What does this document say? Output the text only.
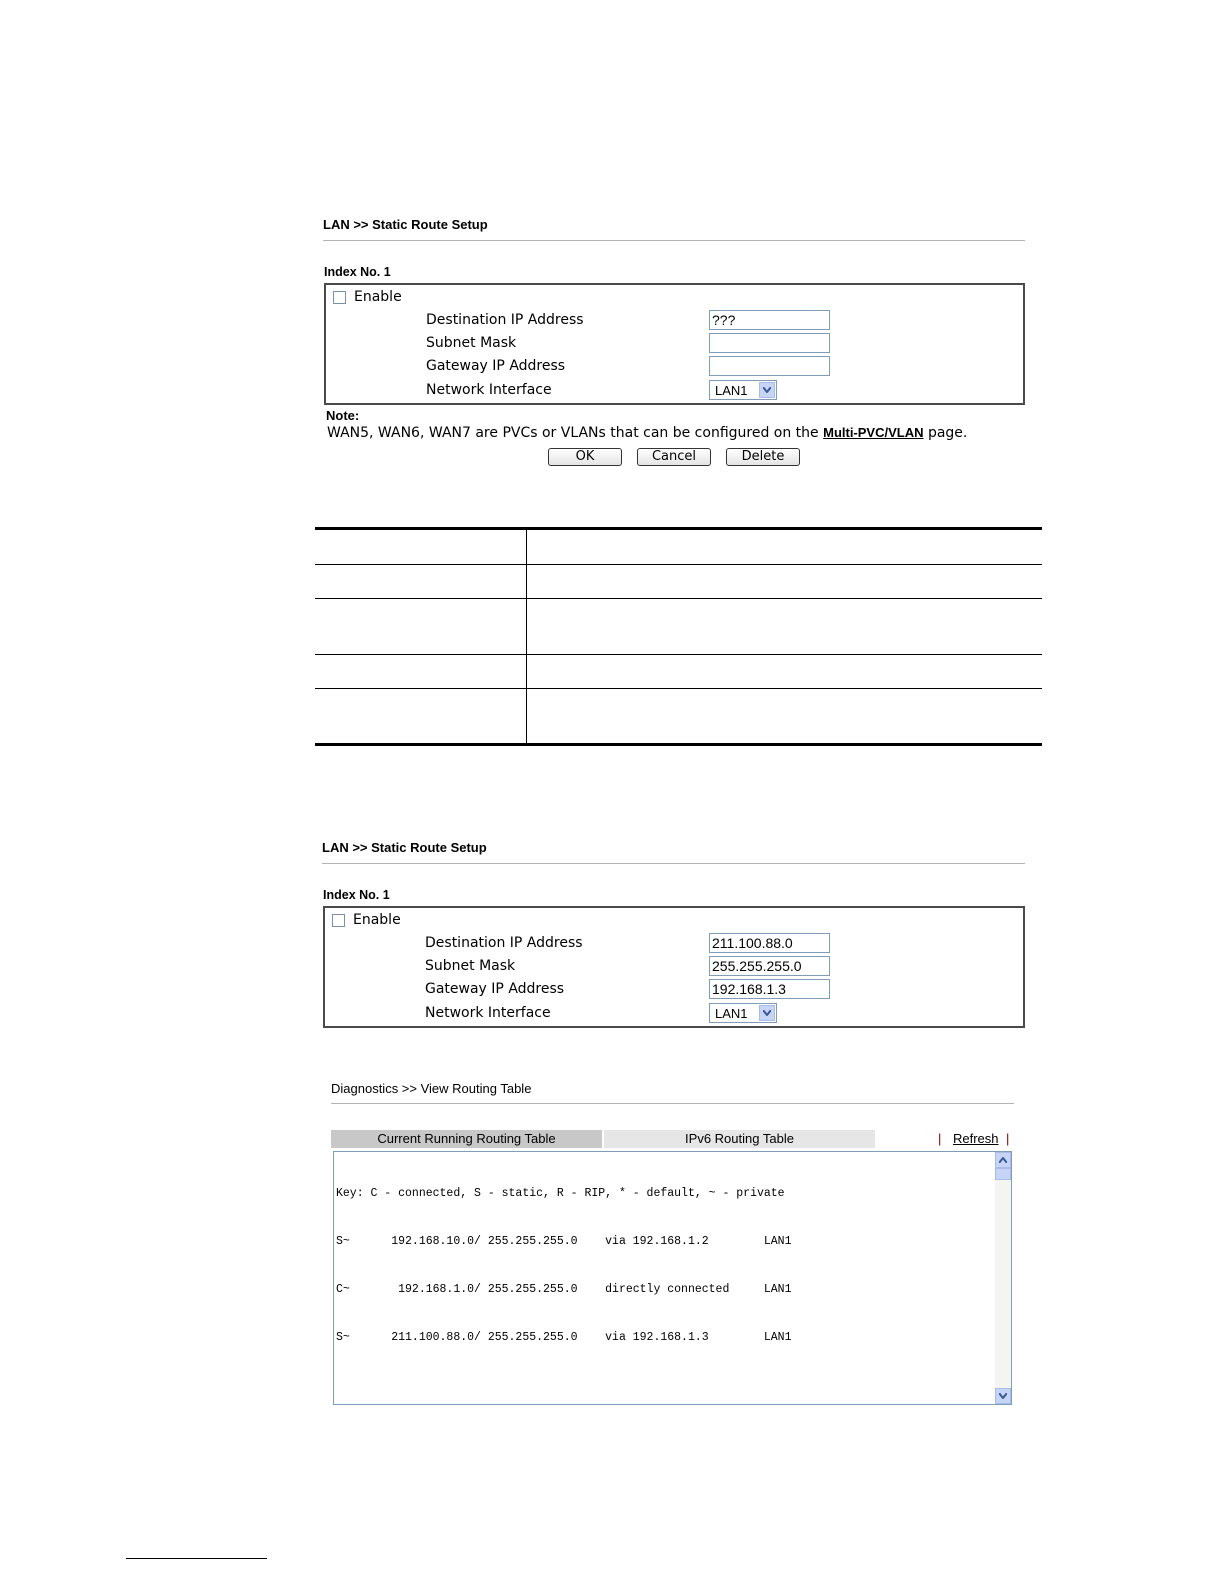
LAN >> Static Route Setup
Index No. 1
Enable
Destination IP Address	???
Subnet Mask
Gateway IP Address
Network Interface	LAN1
Note:
WAN5, WAN6, WAN7 are PVCs or VLANs that can be configured on the Multi-PVC/VLAN page.
OK	Cancel	Delete
LAN >> Static Route Setup
Index No. 1
Enable
Destination IP Address	211.100.88.0
Subnet Mask	255.255.255.0
Gateway IP Address	192.168.1.3
Network Interface	LAN1
Diagnostics >> View Routing Table
Current Running Routing Table	IPv6 Routing Table	| Refresh |

Key: C - connected, S - static, R - RIP, * - default, ~ - private

S~      192.168.10.0/ 255.255.255.0    via 192.168.1.2        LAN1

C~       192.168.1.0/ 255.255.255.0    directly connected     LAN1

S~      211.100.88.0/ 255.255.255.0    via 192.168.1.3        LAN1
